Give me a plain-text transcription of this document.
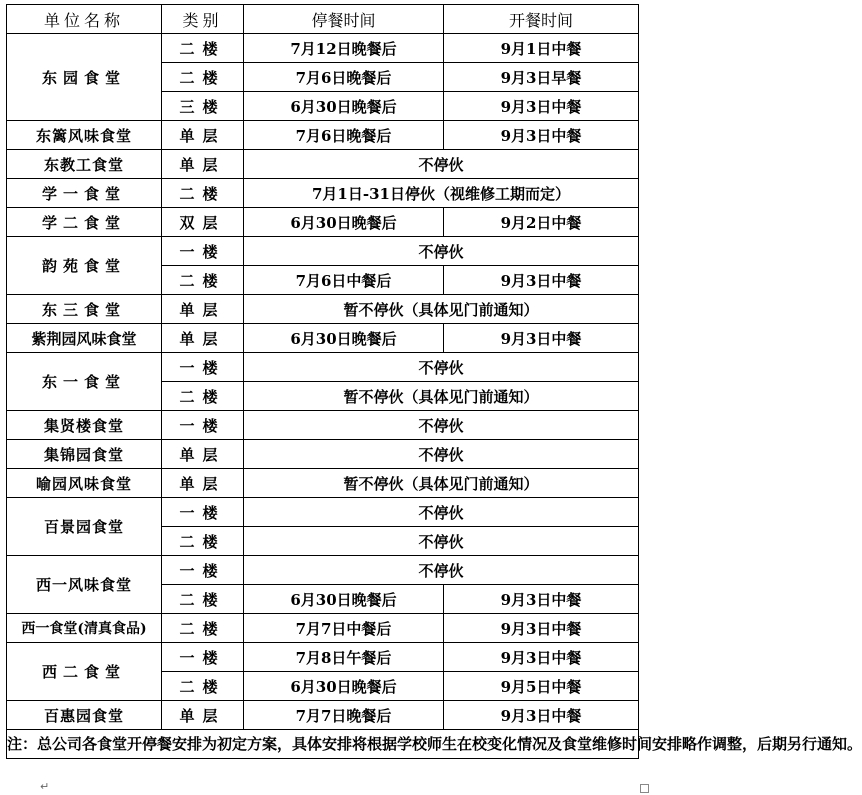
单位名称	类别	停餐时间	开餐时间
东园食堂	二楼	7月12日晚餐后	9月1日中餐
	二楼	7月6日晚餐后	9月3日早餐
	三楼	6月30日晚餐后	9月3日中餐
东篱风味食堂	单层	7月6日晚餐后	9月3日中餐
东教工食堂	单层	不停伙	
学一食堂	二楼	7月1日-31日停伙（视维修工期而定）	
学二食堂	双层	6月30日晚餐后	9月2日中餐
韵苑食堂	一楼	不停伙	
	二楼	7月6日中餐后	9月3日中餐
东三食堂	单层	暂不停伙（具体见门前通知）	
紫荆园风味食堂	单层	6月30日晚餐后	9月3日中餐
东一食堂	一楼	不停伙	
	二楼	暂不停伙（具体见门前通知）	
集贤楼食堂	一楼	不停伙	
集锦园食堂	单层	不停伙	
喻园风味食堂	单层	暂不停伙（具体见门前通知）	
百景园食堂	一楼	不停伙	
	二楼	不停伙	
西一风味食堂	一楼	不停伙	
	二楼	6月30日晚餐后	9月3日中餐
西一食堂(清真食品)	二楼	7月7日中餐后	9月3日中餐
西二食堂	一楼	7月8日午餐后	9月3日中餐
	二楼	6月30日晚餐后	9月5日中餐
百惠园食堂	单层	7月7日晚餐后	9月3日中餐
注：总公司各食堂开停餐安排为初定方案，具体安排将根据学校师生在校变化情况及食堂维修时间安排略作调整，后期另行通知。			
↵
